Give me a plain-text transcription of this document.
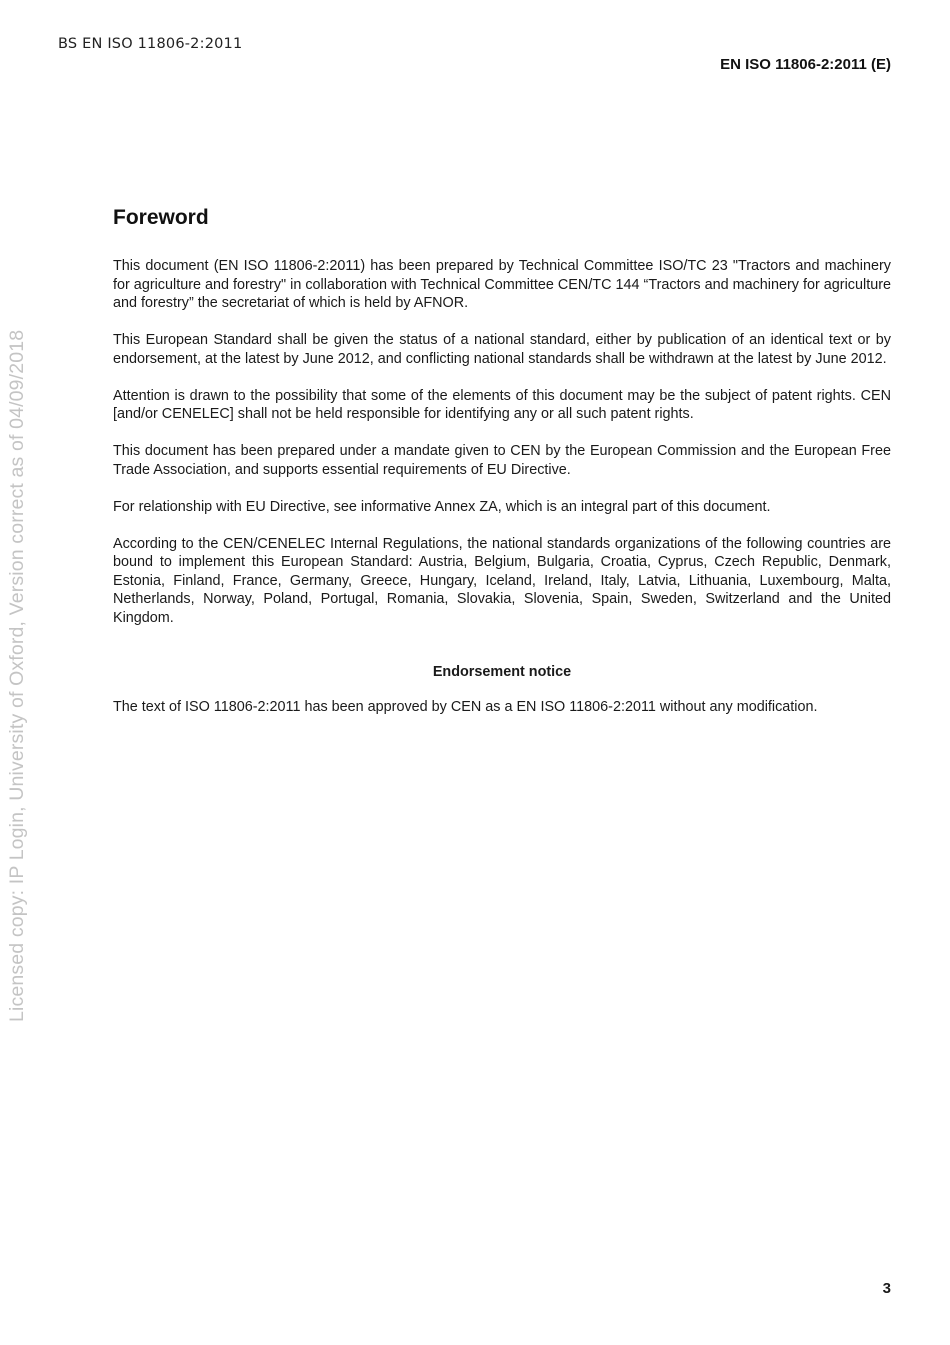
BS EN ISO 11806-2:2011

EN ISO 11806-2:2011 (E)

Licensed copy: IP Login, University of Oxford, Version correct as of 04/09/2018
Foreword

This document (EN ISO 11806-2:2011) has been prepared by Technical Committee ISO/TC 23 "Tractors and machinery for agriculture and forestry" in collaboration with Technical Committee CEN/TC 144 “Tractors and machinery for agriculture and forestry” the secretariat of which is held by AFNOR.

This European Standard shall be given the status of a national standard, either by publication of an identical text or by endorsement, at the latest by June 2012, and conflicting national standards shall be withdrawn at the latest by June 2012.

Attention is drawn to the possibility that some of the elements of this document may be the subject of patent rights. CEN [and/or CENELEC] shall not be held responsible for identifying any or all such patent rights.

This document has been prepared under a mandate given to CEN by the European Commission and the European Free Trade Association, and supports essential requirements of EU Directive.

For relationship with EU Directive, see informative Annex ZA, which is an integral part of this document.

According to the CEN/CENELEC Internal Regulations, the national standards organizations of the following countries are bound to implement this European Standard: Austria, Belgium, Bulgaria, Croatia, Cyprus, Czech Republic, Denmark, Estonia, Finland, France, Germany, Greece, Hungary, Iceland, Ireland, Italy, Latvia, Lithuania, Luxembourg, Malta, Netherlands, Norway, Poland, Portugal, Romania, Slovakia, Slovenia, Spain, Sweden, Switzerland and the United Kingdom.

Endorsement notice

The text of ISO 11806-2:2011 has been approved by CEN as a EN ISO 11806-2:2011 without any modification.

3
